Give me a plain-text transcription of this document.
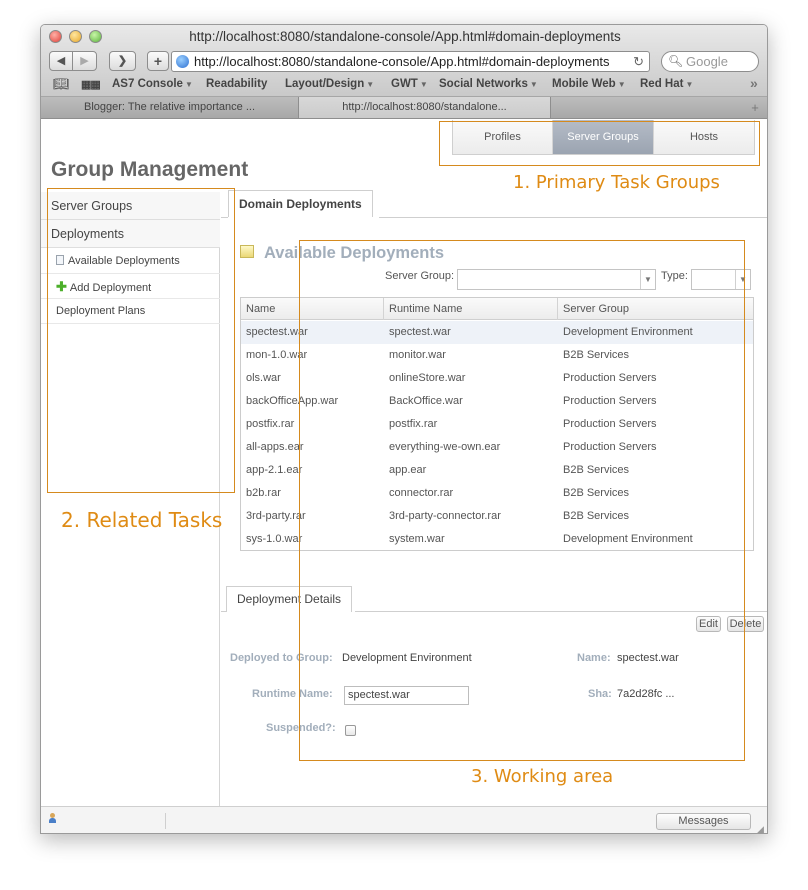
http://localhost:8080/standalone-console/App.html#domain-deployments
◀	▶	❯	+	http://localhost:8080/standalone-console/App.html#domain-deployments ↻ 🔍︎ Google
📖︎ ▦▦ AS7 Console ▼ Readability Layout/Design ▼ GWT ▼ Social Networks ▼ Mobile Web ▼ Red Hat ▼	»
Blogger: The relative importance ...	http://localhost:8080/standalone...	+
Profiles	Server Groups	Hosts
Group Management
Server Groups
Deployments
Available Deployments
✚ Add Deployment
Deployment Plans
Domain Deployments
Available Deployments
Server Group:	▼ Type:	▼
Name	Runtime Name	Server Group
spectest.war	spectest.war	Development Environment
mon-1.0.war	monitor.war	B2B Services
ols.war	onlineStore.war	Production Servers
backOfficeApp.war	BackOffice.war	Production Servers
postfix.rar	postfix.rar	Production Servers
all-apps.ear	everything-we-own.ear	Production Servers
app-2.1.ear	app.ear	B2B Services
b2b.rar	connector.rar	B2B Services
3rd-party.rar	3rd-party-connector.rar	B2B Services
sys-1.0.war	system.war	Development Environment
Deployment Details
Edit Delete
Deployed to Group: Development Environment	Name: spectest.war
Runtime Name:	spectest.war	Sha: 7a2d28fc ...
Suspended?:
Messages
◢
1. Primary Task Groups
2. Related Tasks
3. Working area
